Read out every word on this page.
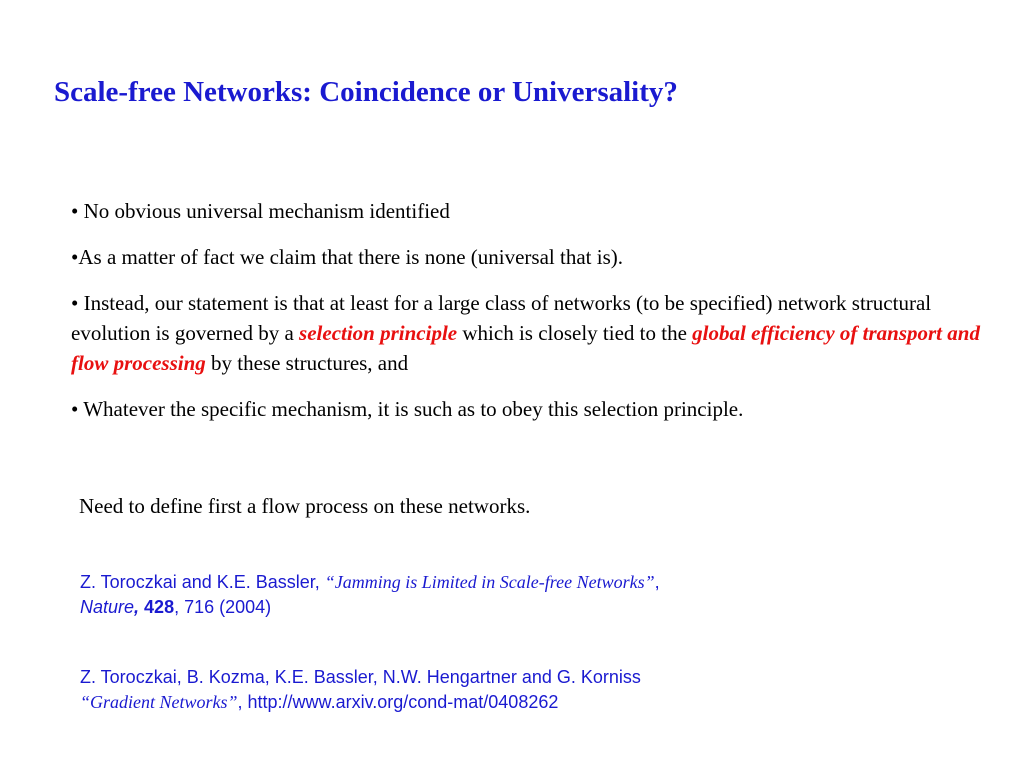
Scale-free Networks: Coincidence or Universality?
• No obvious universal mechanism identified
•As a matter of fact we claim that there is none (universal that is).
• Instead, our statement is that at least for a large class of networks (to be specified) network structural evolution is governed by a selection principle which is closely tied to the global efficiency of transport and flow processing by these structures, and
• Whatever the specific mechanism, it is such as to obey this selection principle.
Need to define first a flow process on these networks.
Z. Toroczkai and K.E. Bassler, “Jamming is Limited in Scale-free Networks”,
Nature, 428, 716 (2004)
Z. Toroczkai, B. Kozma, K.E. Bassler, N.W. Hengartner and G. Korniss
“Gradient Networks”, http://www.arxiv.org/cond-mat/0408262
